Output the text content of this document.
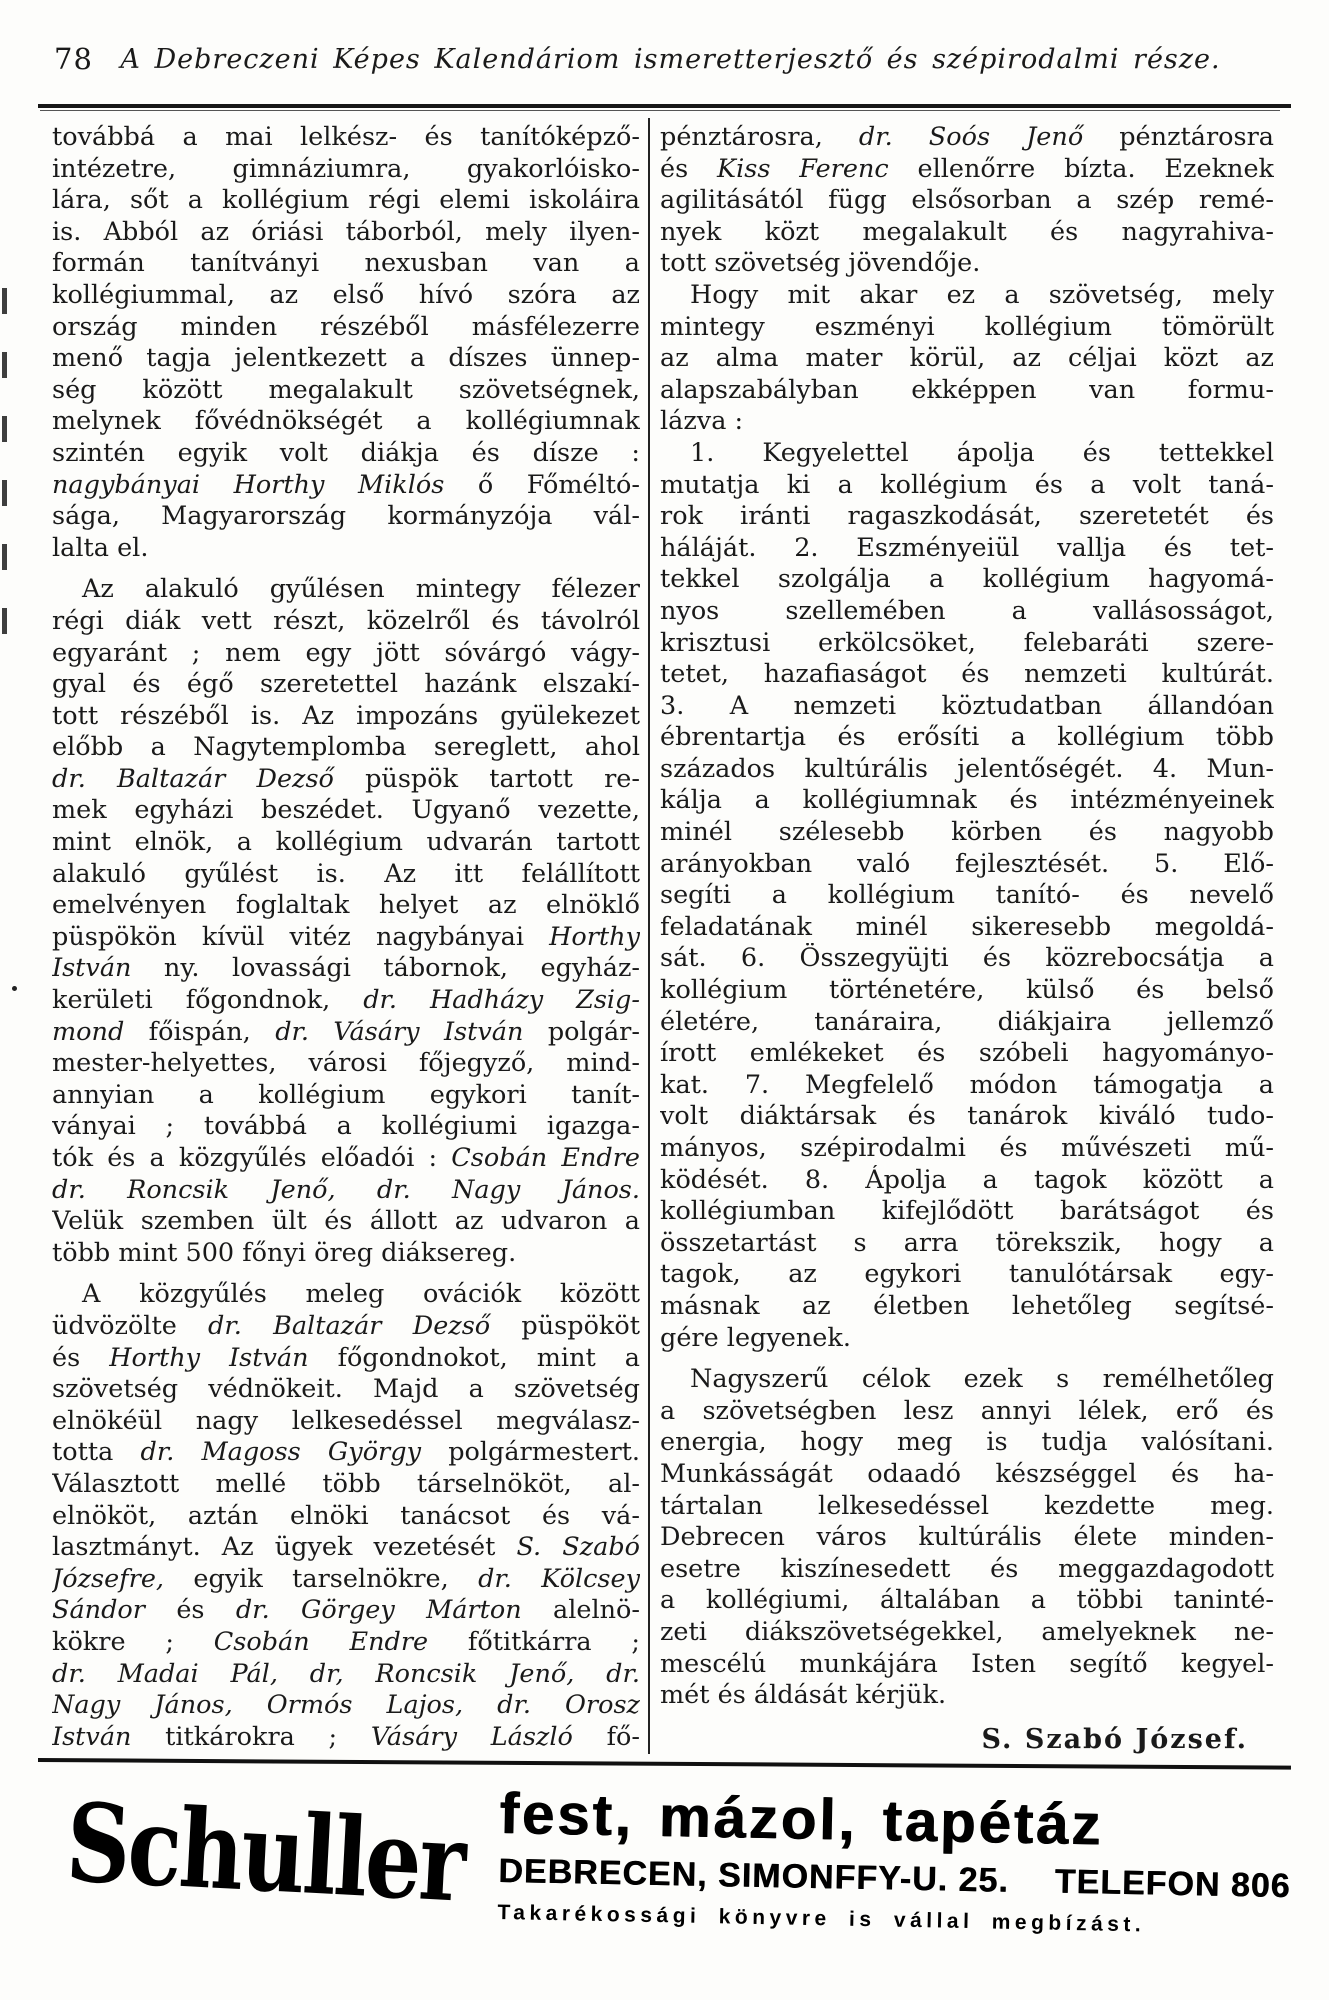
78	A Debreczeni Képes Kalendáriom ismeretterjesztő és szépirodalmi része.
továbbá a mai lelkész- és tanítóképző-
intézetre, gimnáziumra, gyakorlóisko-
lára, sőt a kollégium régi elemi iskoláira
is. Abból az óriási táborból, mely ilyen-
formán tanítványi nexusban van a
kollégiummal, az első hívó szóra az
ország minden részéből másfélezerre
menő tagja jelentkezett a díszes ünnep-
ség között megalakult szövetségnek,
melynek fővédnökségét a kollégiumnak
szintén egyik volt diákja és dísze :
nagybányai Horthy Miklós ő Főméltó-
sága, Magyarország kormányzója vál-
lalta el.
Az alakuló gyűlésen mintegy félezer
régi diák vett részt, közelről és távolról
egyaránt ; nem egy jött sóvárgó vágy-
gyal és égő szeretettel hazánk elszakí-
tott részéből is. Az impozáns gyülekezet
előbb a Nagytemplomba sereglett, ahol
dr. Baltazár Dezső püspök tartott re-
mek egyházi beszédet. Ugyanő vezette,
mint elnök, a kollégium udvarán tartott
alakuló gyűlést is. Az itt felállított
emelvényen foglaltak helyet az elnöklő
püspökön kívül vitéz nagybányai Horthy
István ny. lovassági tábornok, egyház-
kerületi főgondnok, dr. Hadházy Zsig-
mond főispán, dr. Vásáry István polgár-
mester-helyettes, városi főjegyző, mind-
annyian a kollégium egykori tanít-
ványai ; továbbá a kollégiumi igazga-
tók és a közgyűlés előadói : Csobán Endre
dr. Roncsik Jenő, dr. Nagy János.
Velük szemben ült és állott az udvaron a
több mint 500 főnyi öreg diáksereg.
A közgyűlés meleg ovációk között
üdvözölte dr. Baltazár Dezső püspököt
és Horthy István főgondnokot, mint a
szövetség védnökeit. Majd a szövetség
elnökéül nagy lelkesedéssel megválasz-
totta dr. Magoss György polgármestert.
Választott mellé több társelnököt, al-
elnököt, aztán elnöki tanácsot és vá-
lasztmányt. Az ügyek vezetését S. Szabó
Józsefre, egyik tarselnökre, dr. Kölcsey
Sándor és dr. Görgey Márton alelnö-
kökre ; Csobán Endre főtitkárra ;
dr. Madai Pál, dr, Roncsik Jenő, dr.
Nagy János, Ormós Lajos, dr. Orosz
István titkárokra ; Vásáry László fő-
pénztárosra, dr. Soós Jenő pénztárosra
és Kiss Ferenc ellenőrre bízta. Ezeknek
agilitásától függ elsősorban a szép remé-
nyek közt megalakult és nagyrahiva-
tott szövetség jövendője.
Hogy mit akar ez a szövetség, mely
mintegy eszményi kollégium tömörült
az alma mater körül, az céljai közt az
alapszabályban ekképpen van formu-
lázva :
1. Kegyelettel ápolja és tettekkel
mutatja ki a kollégium és a volt taná-
rok iránti ragaszkodását, szeretetét és
háláját. 2. Eszményeiül vallja és tet-
tekkel szolgálja a kollégium hagyomá-
nyos szellemében a vallásosságot,
krisztusi erkölcsöket, felebaráti szere-
tetet, hazafiaságot és nemzeti kultúrát.
3. A nemzeti köztudatban állandóan
ébrentartja és erősíti a kollégium több
százados kultúrális jelentőségét. 4. Mun-
kálja a kollégiumnak és intézményeinek
minél szélesebb körben és nagyobb
arányokban való fejlesztését. 5. Elő-
segíti a kollégium tanító- és nevelő
feladatának minél sikeresebb megoldá-
sát. 6. Összegyüjti és közrebocsátja a
kollégium történetére, külső és belső
életére, tanáraira, diákjaira jellemző
írott emlékeket és szóbeli hagyományo-
kat. 7. Megfelelő módon támogatja a
volt diáktársak és tanárok kiváló tudo-
mányos, szépirodalmi és művészeti mű-
ködését. 8. Ápolja a tagok között a
kollégiumban kifejlődött barátságot és
összetartást s arra törekszik, hogy a
tagok, az egykori tanulótársak egy-
másnak az életben lehetőleg segítsé-
gére legyenek.
Nagyszerű célok ezek s remélhetőleg
a szövetségben lesz annyi lélek, erő és
energia, hogy meg is tudja valósítani.
Munkásságát odaadó készséggel és ha-
tártalan lelkesedéssel kezdette meg.
Debrecen város kultúrális élete minden-
esetre kiszínesedett és meggazdagodott
a kollégiumi, általában a többi taninté-
zeti diákszövetségekkel, amelyeknek ne-
mescélú munkájára Isten segítő kegyel-
mét és áldását kérjük.
S. Szabó József.
Schuller fest, mázol, tapétáz
DEBRECEN, SIMONFFY-U. 25. TELEFON 806
Takarékossági könyvre is vállal megbízást.
